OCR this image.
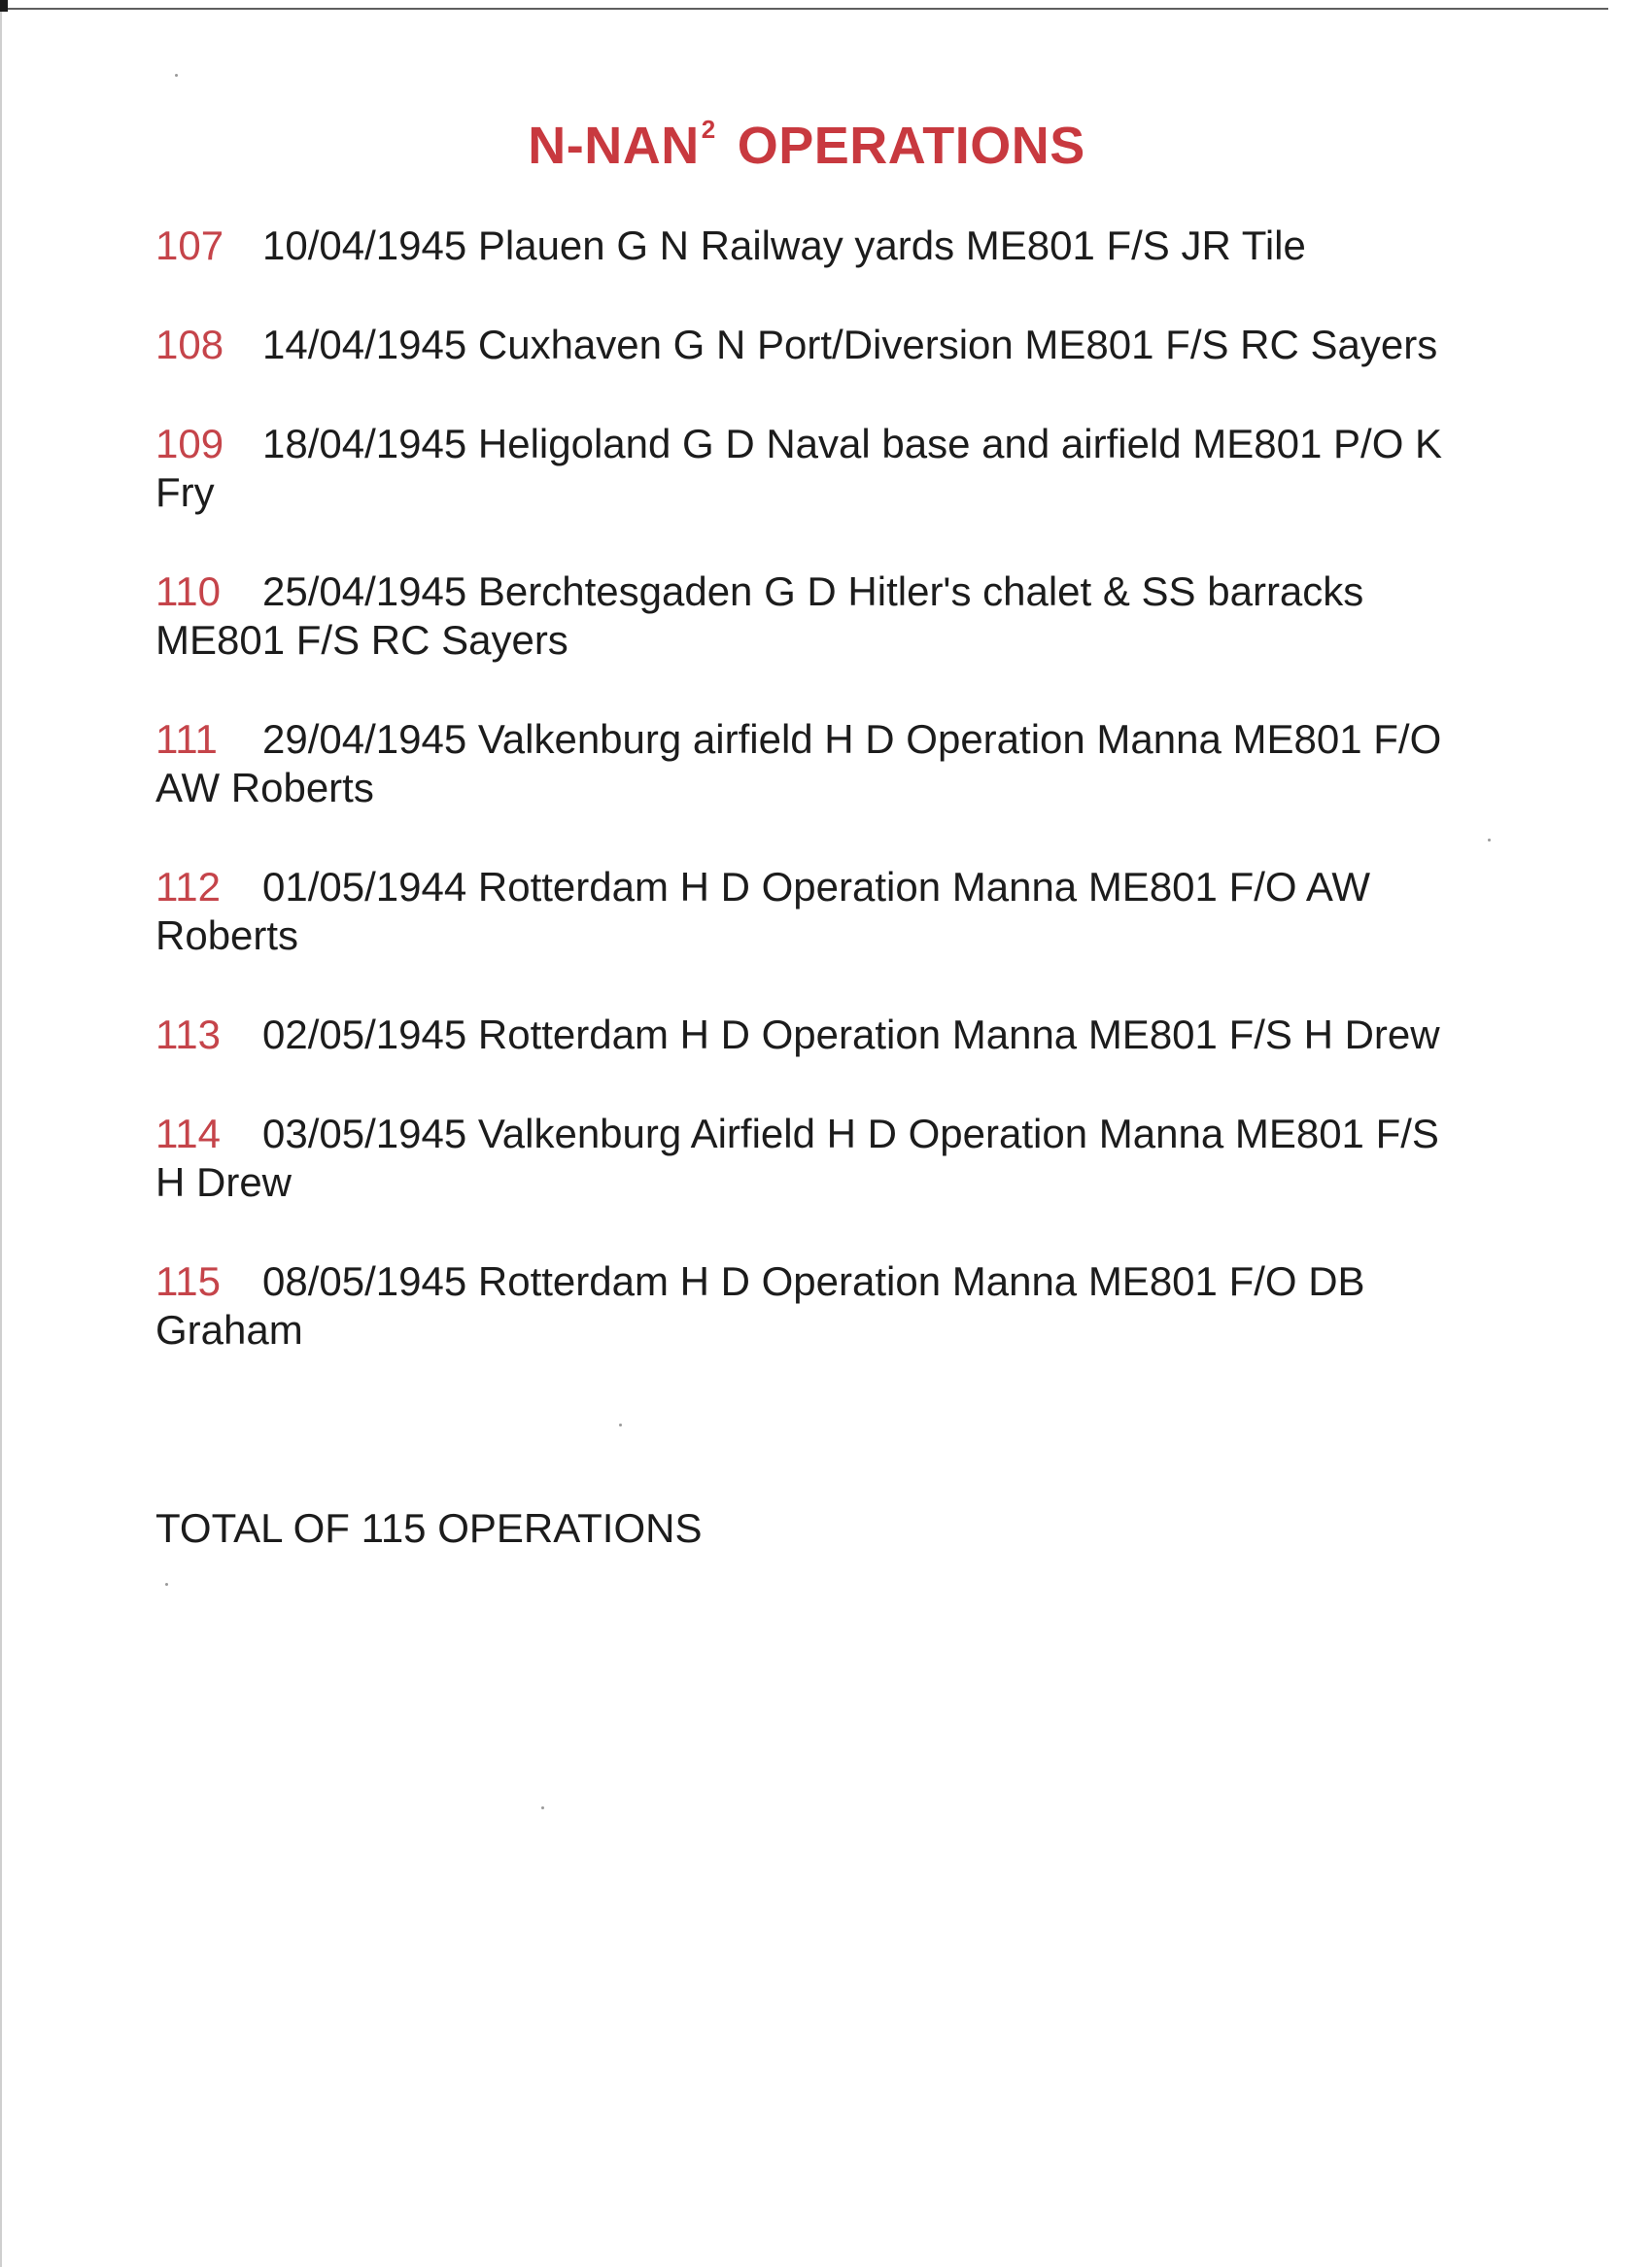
N-NAN$^2$ OPERATIONS

107 10/04/1945 Plauen G N Railway yards ME801 F/S JR Tile

108 14/04/1945 Cuxhaven G N Port/Diversion ME801 F/S RC Sayers

109 18/04/1945 Heligoland G D Naval base and airfield ME801 P/O K Fry

110 25/04/1945 Berchtesgaden G D Hitler's chalet & SS barracks ME801 F/S RC Sayers

111 29/04/1945 Valkenburg airfield H D Operation Manna ME801 F/O AW Roberts

112 01/05/1944 Rotterdam H D Operation Manna ME801 F/O AW Roberts

113 02/05/1945 Rotterdam H D Operation Manna ME801 F/S H Drew

114 03/05/1945 Valkenburg Airfield H D Operation Manna ME801 F/S H Drew

115 08/05/1945 Rotterdam H D Operation Manna ME801 F/O DB Graham

TOTAL OF 115 OPERATIONS
